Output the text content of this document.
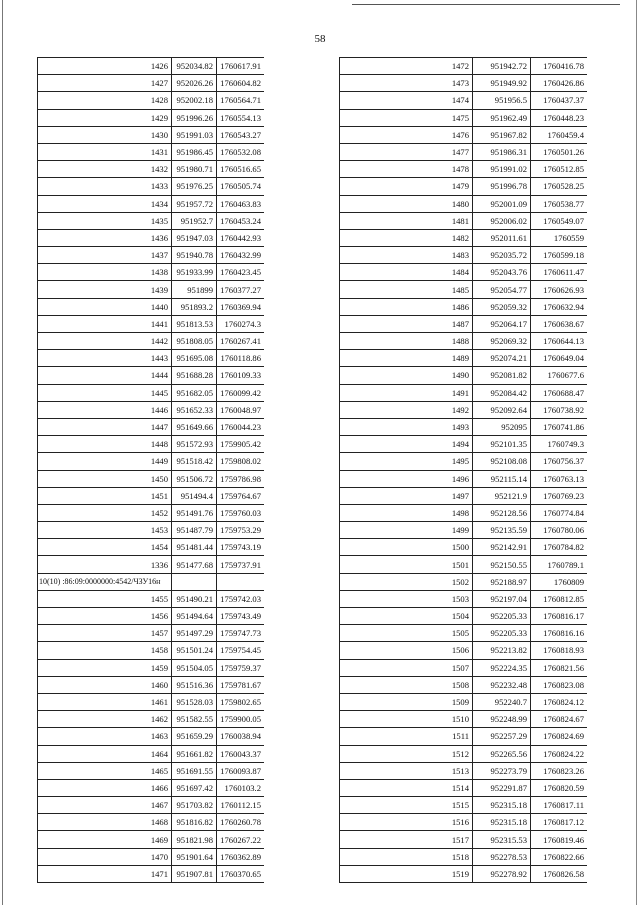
58
1426	952034.82	1760617.91
1427	952026.26	1760604.82
1428	952002.18	1760564.71
1429	951996.26	1760554.13
1430	951991.03	1760543.27
1431	951986.45	1760532.08
1432	951980.71	1760516.65
1433	951976.25	1760505.74
1434	951957.72	1760463.83
1435	951952.7	1760453.24
1436	951947.03	1760442.93
1437	951940.78	1760432.99
1438	951933.99	1760423.45
1439	951899	1760377.27
1440	951893.2	1760369.94
1441	951813.53	1760274.3
1442	951808.05	1760267.41
1443	951695.08	1760118.86
1444	951688.28	1760109.33
1445	951682.05	1760099.42
1446	951652.33	1760048.97
1447	951649.66	1760044.23
1448	951572.93	1759905.42
1449	951518.42	1759808.02
1450	951506.72	1759786.98
1451	951494.4	1759764.67
1452	951491.76	1759760.03
1453	951487.79	1759753.29
1454	951481.44	1759743.19
1336	951477.68	1759737.91
10(10) :86:09:0000000:4542/ЧЗУ16н		
1455	951490.21	1759742.03
1456	951494.64	1759743.49
1457	951497.29	1759747.73
1458	951501.24	1759754.45
1459	951504.05	1759759.37
1460	951516.36	1759781.67
1461	951528.03	1759802.65
1462	951582.55	1759900.05
1463	951659.29	1760038.94
1464	951661.82	1760043.37
1465	951691.55	1760093.87
1466	951697.42	1760103.2
1467	951703.82	1760112.15
1468	951816.82	1760260.78
1469	951821.98	1760267.22
1470	951901.64	1760362.89
1471	951907.81	1760370.65
1472	951942.72	1760416.78
1473	951949.92	1760426.86
1474	951956.5	1760437.37
1475	951962.49	1760448.23
1476	951967.82	1760459.4
1477	951986.31	1760501.26
1478	951991.02	1760512.85
1479	951996.78	1760528.25
1480	952001.09	1760538.77
1481	952006.02	1760549.07
1482	952011.61	1760559
1483	952035.72	1760599.18
1484	952043.76	1760611.47
1485	952054.77	1760626.93
1486	952059.32	1760632.94
1487	952064.17	1760638.67
1488	952069.32	1760644.13
1489	952074.21	1760649.04
1490	952081.82	1760677.6
1491	952084.42	1760688.47
1492	952092.64	1760738.92
1493	952095	1760741.86
1494	952101.35	1760749.3
1495	952108.08	1760756.37
1496	952115.14	1760763.13
1497	952121.9	1760769.23
1498	952128.56	1760774.84
1499	952135.59	1760780.06
1500	952142.91	1760784.82
1501	952150.55	1760789.1
1502	952188.97	1760809
1503	952197.04	1760812.85
1504	952205.33	1760816.17
1505	952205.33	1760816.16
1506	952213.82	1760818.93
1507	952224.35	1760821.56
1508	952232.48	1760823.08
1509	952240.7	1760824.12
1510	952248.99	1760824.67
1511	952257.29	1760824.69
1512	952265.56	1760824.22
1513	952273.79	1760823.26
1514	952291.87	1760820.59
1515	952315.18	1760817.11
1516	952315.18	1760817.12
1517	952315.53	1760819.46
1518	952278.53	1760822.66
1519	952278.92	1760826.58
